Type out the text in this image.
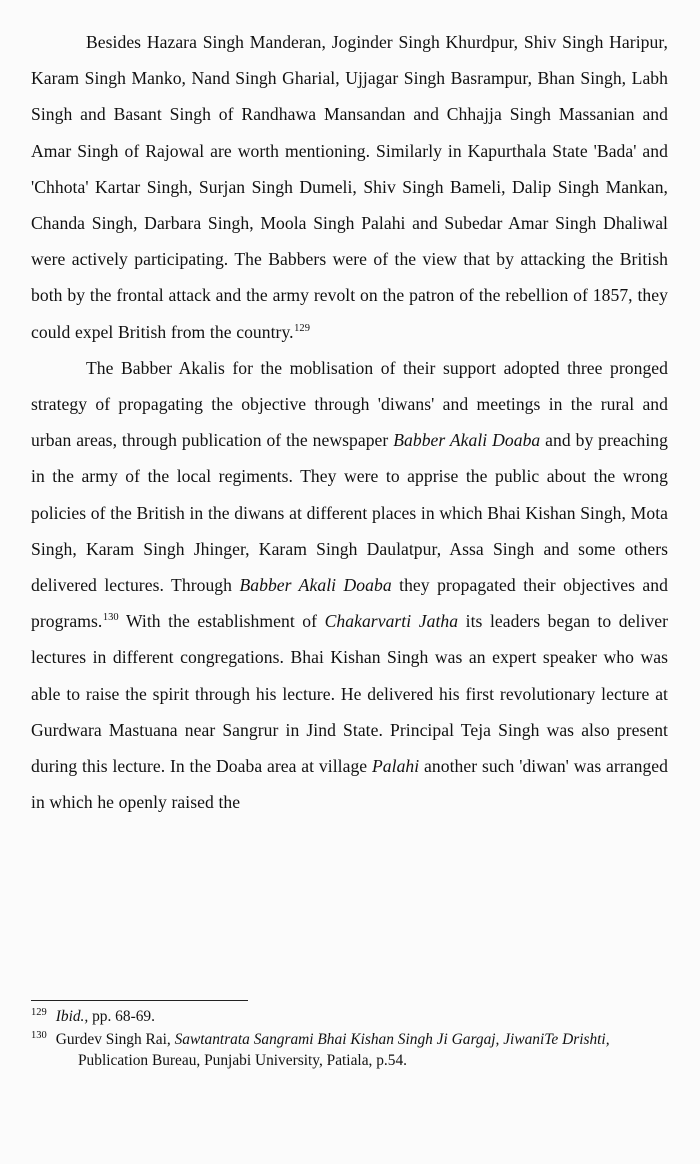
Besides Hazara Singh Manderan, Joginder Singh Khurdpur, Shiv Singh Haripur, Karam Singh Manko, Nand Singh Gharial, Ujjagar Singh Basrampur, Bhan Singh, Labh Singh and Basant Singh of Randhawa Mansandan and Chhajja Singh Massanian and Amar Singh of Rajowal are worth mentioning. Similarly in Kapurthala State 'Bada' and 'Chhota' Kartar Singh, Surjan Singh Dumeli, Shiv Singh Bameli, Dalip Singh Mankan, Chanda Singh, Darbara Singh, Moola Singh Palahi and Subedar Amar Singh Dhaliwal were actively participating. The Babbers were of the view that by attacking the British both by the frontal attack and the army revolt on the patron of the rebellion of 1857, they could expel British from the country.$^{129}$

The Babber Akalis for the moblisation of their support adopted three pronged strategy of propagating the objective through 'diwans' and meetings in the rural and urban areas, through publication of the newspaper Babber Akali Doaba and by preaching in the army of the local regiments. They were to apprise the public about the wrong policies of the British in the diwans at different places in which Bhai Kishan Singh, Mota Singh, Karam Singh Jhinger, Karam Singh Daulatpur, Assa Singh and some others delivered lectures. Through Babber Akali Doaba they propagated their objectives and programs.$^{130}$ With the establishment of Chakarvarti Jatha its leaders began to deliver lectures in different congregations. Bhai Kishan Singh was an expert speaker who was able to raise the spirit through his lecture. He delivered his first revolutionary lecture at Gurdwara Mastuana near Sangrur in Jind State. Principal Teja Singh was also present during this lecture. In the Doaba area at village Palahi another such 'diwan' was arranged in which he openly raised the

$^{129}$ Ibid., pp. 68-69.

$^{130}$ Gurdev Singh Rai, Sawtantrata Sangrami Bhai Kishan Singh Ji Gargaj, JiwaniTe Drishti, Publication Bureau, Punjabi University, Patiala, p.54.
